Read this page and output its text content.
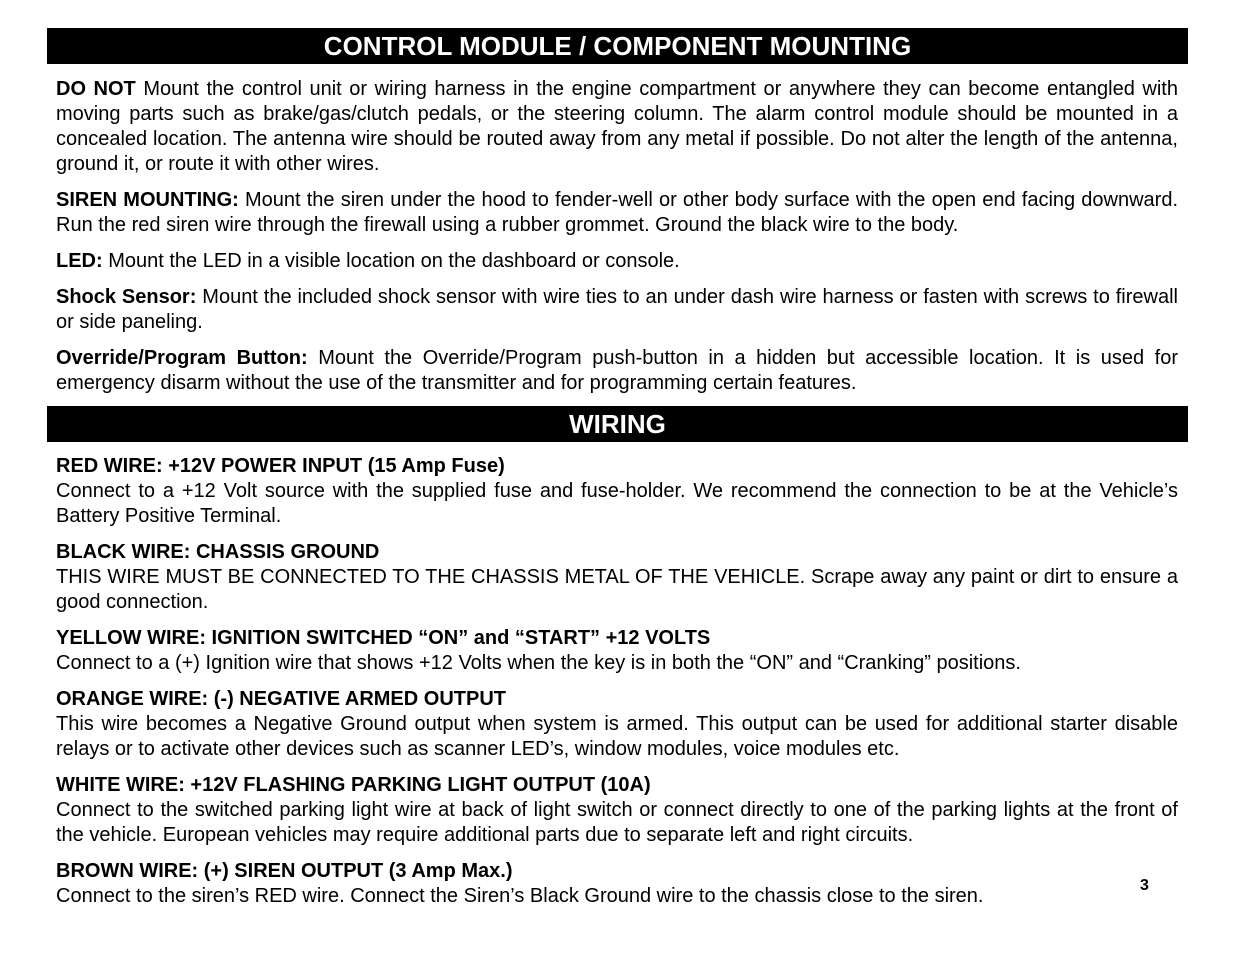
CONTROL MODULE / COMPONENT MOUNTING
DO NOT Mount the control unit or wiring harness in the engine compartment or anywhere they can become entangled with moving parts such as brake/gas/clutch pedals, or the steering column. The alarm control module should be mounted in a concealed location. The antenna wire should be routed away from any metal if possible. Do not alter the length of the antenna, ground it, or route it with other wires.
SIREN MOUNTING: Mount the siren under the hood to fender-well or other body surface with the open end facing downward. Run the red siren wire through the firewall using a rubber grommet. Ground the black wire to the body.
LED: Mount the LED in a visible location on the dashboard or console.
Shock Sensor: Mount the included shock sensor with wire ties to an under dash wire harness or fasten with screws to firewall or side paneling.
Override/Program Button: Mount the Override/Program push-button in a hidden but accessible location. It is used for emergency disarm without the use of the transmitter and for programming certain features.
WIRING
RED WIRE: +12V POWER INPUT (15 Amp Fuse)
Connect to a +12 Volt source with the supplied fuse and fuse-holder. We recommend the connection to be at the Vehicle’s Battery Positive Terminal.
BLACK WIRE: CHASSIS GROUND
THIS WIRE MUST BE CONNECTED TO THE CHASSIS METAL OF THE VEHICLE. Scrape away any paint or dirt to ensure a good connection.
YELLOW WIRE: IGNITION SWITCHED “ON” and “START” +12 VOLTS
Connect to a (+) Ignition wire that shows +12 Volts when the key is in both the “ON” and “Cranking” positions.
ORANGE WIRE: (-) NEGATIVE ARMED OUTPUT
This wire becomes a Negative Ground output when system is armed. This output can be used for additional starter disable relays or to activate other devices such as scanner LED’s, window modules, voice modules etc.
WHITE WIRE: +12V FLASHING PARKING LIGHT OUTPUT (10A)
Connect to the switched parking light wire at back of light switch or connect directly to one of the parking lights at the front of the vehicle. European vehicles may require additional parts due to separate left and right circuits.
BROWN WIRE: (+) SIREN OUTPUT (3 Amp Max.)
Connect to the siren’s RED wire. Connect the Siren’s Black Ground wire to the chassis close to the siren.	3
